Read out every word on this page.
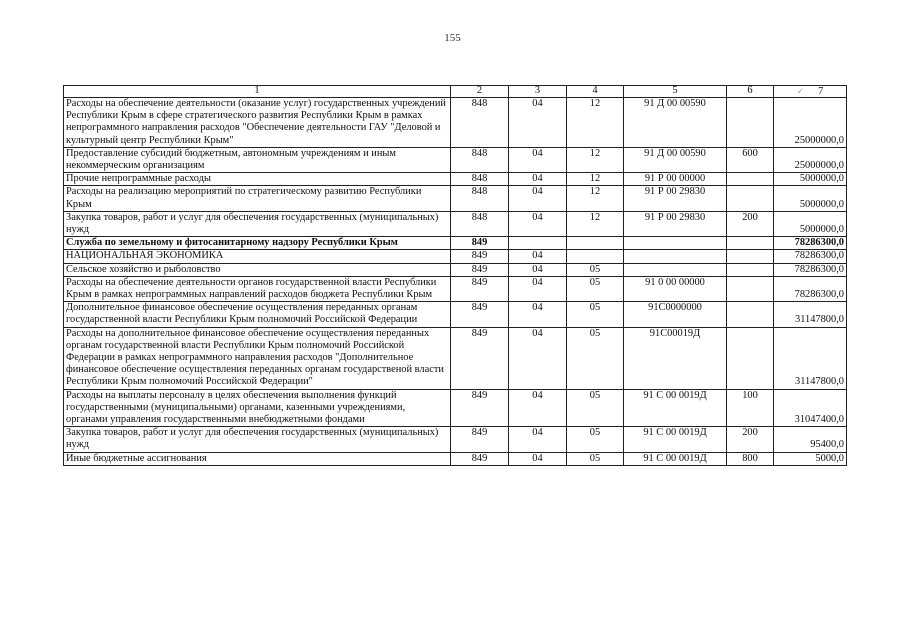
155
1	2	3	4	5	6	✓ 7
Расходы на обеспечение деятельности (оказание услуг) государственных учреждений Республики Крым в сфере стратегического развития Республики Крым в рамках непрограммного направления расходов "Обеспечение деятельности ГАУ "Деловой и культурный центр Республики Крым"	848	04	12	91 Д 00 00590		25000000,0
Предоставление субсидий бюджетным, автономным учреждениям и иным некоммерческим организациям	848	04	12	91 Д 00 00590	600	25000000,0
Прочие непрограммные расходы	848	04	12	91 Р 00 00000		5000000,0
Расходы на реализацию мероприятий по стратегическому развитию Республики Крым	848	04	12	91 Р 00 29830		5000000,0
Закупка товаров, работ и услуг для обеспечения государственных (муниципальных) нужд	848	04	12	91 Р 00 29830	200	5000000,0
Служба по земельному и фитосанитарному надзору Республики Крым	849					78286300,0
НАЦИОНАЛЬНАЯ ЭКОНОМИКА	849	04				78286300,0
Сельское хозяйство и рыболовство	849	04	05			78286300,0
Расходы на обеспечение деятельности органов государственной власти Республики Крым в рамках непрограммных направлений расходов бюджета Республики Крым	849	04	05	91 0 00 00000		78286300,0
Дополнительное финансовое обеспечение осуществления переданных органам государственной власти Республики Крым полномочий Российской Федерации	849	04	05	91С0000000		31147800,0
Расходы на дополнительное финансовое обеспечение осуществления переданных органам государственной власти Республики Крым полномочий Российской Федерации в рамках непрограммного направления расходов "Дополнительное финансовое обеспечение осуществления переданных органам государственой власти Республики Крым полномочий Российской Федерации"	849	04	05	91С00019Д		31147800,0
Расходы на выплаты персоналу в целях обеспечения выполнения функций государственными (муниципальными) органами, казенными учреждениями, органами управления государственными внебюджетными фондами	849	04	05	91 С 00 0019Д	100	31047400,0
Закупка товаров, работ и услуг для обеспечения государственных (муниципальных) нужд	849	04	05	91 С 00 0019Д	200	95400,0
Иные бюджетные ассигнования	849	04	05	91 С 00 0019Д	800	5000,0
